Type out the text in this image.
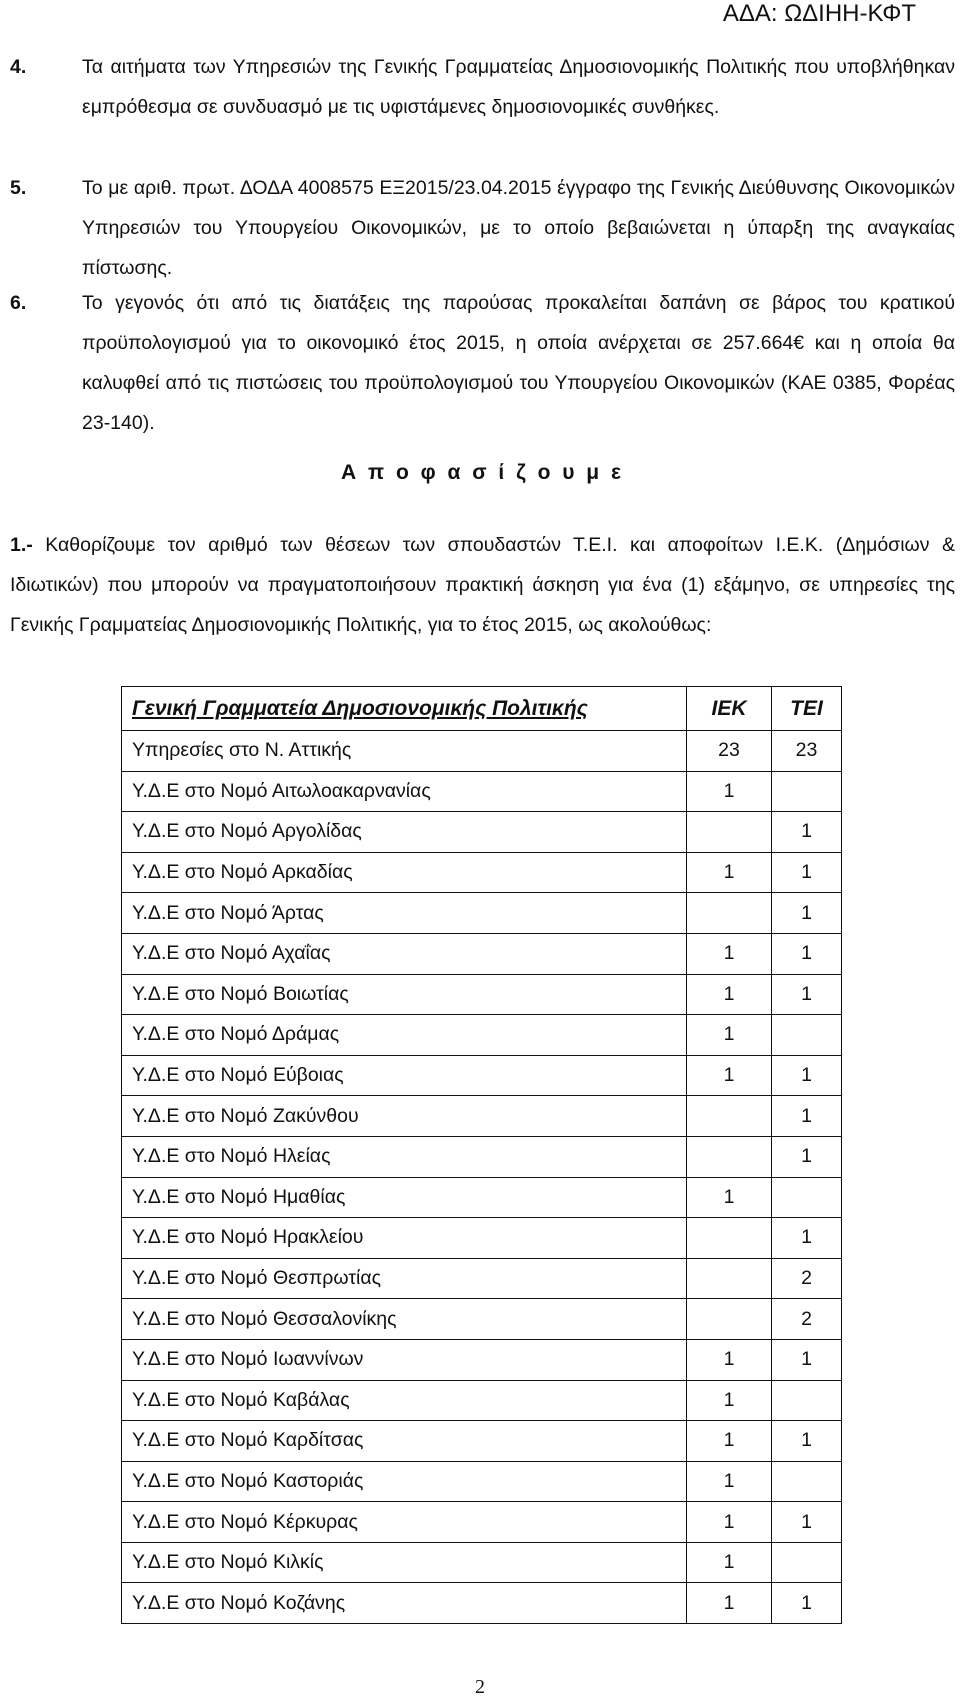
ΑΔΑ: ΩΔΙΗΗ-ΚΦΤ
4.	Τα αιτήματα των Υπηρεσιών της Γενικής Γραμματείας Δημοσιονομικής Πολιτικής που υποβλήθηκαν εμπρόθεσμα σε συνδυασμό με τις υφιστάμενες δημοσιονομικές συνθήκες.
5.	Το με αριθ. πρωτ. ΔΟΔΑ 4008575 ΕΞ2015/23.04.2015 έγγραφο της Γενικής Διεύθυνσης Οικονομικών Υπηρεσιών του Υπουργείου Οικονομικών, με το οποίο βεβαιώνεται η ύπαρξη της αναγκαίας πίστωσης.
6.	Το γεγονός ότι από τις διατάξεις της παρούσας προκαλείται δαπάνη σε βάρος του κρατικού προϋπολογισμού για το οικονομικό έτος 2015, η οποία ανέρχεται σε 257.664€ και η οποία θα καλυφθεί από τις πιστώσεις του προϋπολογισμού του Υπουργείου Οικονομικών (ΚΑΕ 0385, Φορέας 23-140).
Α π ο φ α σ ί ζ ο υ μ ε
1.- Καθορίζουμε τον αριθμό των θέσεων των σπουδαστών Τ.Ε.Ι. και αποφοίτων Ι.Ε.Κ. (Δημόσιων & Ιδιωτικών) που μπορούν να πραγματοποιήσουν πρακτική άσκηση για ένα (1) εξάμηνο, σε υπηρεσίες της Γενικής Γραμματείας Δημοσιονομικής Πολιτικής, για το έτος 2015, ως ακολούθως:
Γενική Γραμματεία Δημοσιονομικής Πολιτικής	ΙΕΚ	ΤΕΙ
Υπηρεσίες στο Ν. Αττικής	23	23
Υ.Δ.Ε στο Νομό Αιτωλοακαρνανίας	1	
Υ.Δ.Ε στο Νομό Αργολίδας		1
Υ.Δ.Ε στο Νομό Αρκαδίας	1	1
Υ.Δ.Ε στο Νομό Άρτας		1
Υ.Δ.Ε στο Νομό Αχαΐας	1	1
Υ.Δ.Ε στο Νομό Βοιωτίας	1	1
Υ.Δ.Ε στο Νομό Δράμας	1	
Υ.Δ.Ε στο Νομό Εύβοιας	1	1
Υ.Δ.Ε στο Νομό Ζακύνθου		1
Υ.Δ.Ε στο Νομό Ηλείας		1
Υ.Δ.Ε στο Νομό Ημαθίας	1	
Υ.Δ.Ε στο Νομό Ηρακλείου		1
Υ.Δ.Ε στο Νομό Θεσπρωτίας		2
Υ.Δ.Ε στο Νομό Θεσσαλονίκης		2
Υ.Δ.Ε στο Νομό Ιωαννίνων	1	1
Υ.Δ.Ε στο Νομό Καβάλας	1	
Υ.Δ.Ε στο Νομό Καρδίτσας	1	1
Υ.Δ.Ε στο Νομό Καστοριάς	1	
Υ.Δ.Ε στο Νομό Κέρκυρας	1	1
Υ.Δ.Ε στο Νομό Κιλκίς	1	
Υ.Δ.Ε στο Νομό Κοζάνης	1	1
2
